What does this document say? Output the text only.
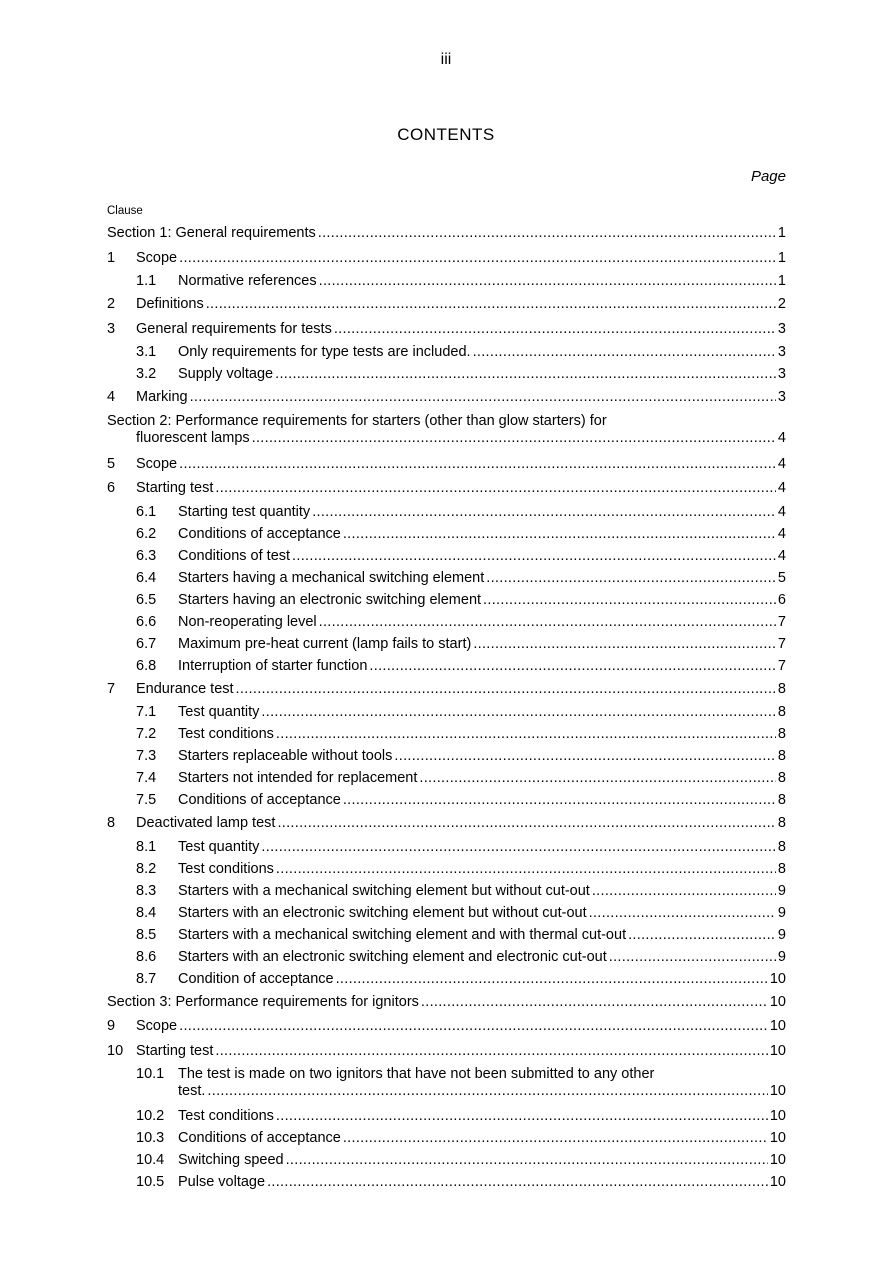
iii
CONTENTS
Page
Clause
Section 1: General requirements .....	1
1	Scope .....	1
1.1	Normative references .....	1
2	Definitions .....	2
3	General requirements for tests .....	3
3.1	Only requirements for type tests are included. .....	3
3.2	Supply voltage .....	3
4	Marking .....	3
Section 2: Performance requirements for starters (other than glow starters) for
fluorescent lamps .....	4
5	Scope .....	4
6	Starting test .....	4
6.1	Starting test quantity .....	4
6.2	Conditions of acceptance .....	4
6.3	Conditions of test .....	4
6.4	Starters having a mechanical switching element .....	5
6.5	Starters having an electronic switching element .....	6
6.6	Non-reoperating level .....	7
6.7	Maximum pre-heat current (lamp fails to start) .....	7
6.8	Interruption of starter function .....	7
7	Endurance test .....	8
7.1	Test quantity .....	8
7.2	Test conditions .....	8
7.3	Starters replaceable without tools .....	8
7.4	Starters not intended for replacement .....	8
7.5	Conditions of acceptance .....	8
8	Deactivated lamp test .....	8
8.1	Test quantity .....	8
8.2	Test conditions .....	8
8.3	Starters with a mechanical switching element but without cut-out .....	9
8.4	Starters with an electronic switching element but without cut-out .....	9
8.5	Starters with a mechanical switching element and with thermal cut-out .....	9
8.6	Starters with an electronic switching element and electronic cut-out .....	9
8.7	Condition of acceptance .....	10
Section 3: Performance requirements for ignitors .....	10
9	Scope .....	10
10 Starting test .....	10
10.1 The test is made on two ignitors that have not been submitted to any other
test. .....	10
10.2 Test conditions .....	10
10.3 Conditions of acceptance .....	10
10.4 Switching speed .....	10
10.5 Pulse voltage .....	10
